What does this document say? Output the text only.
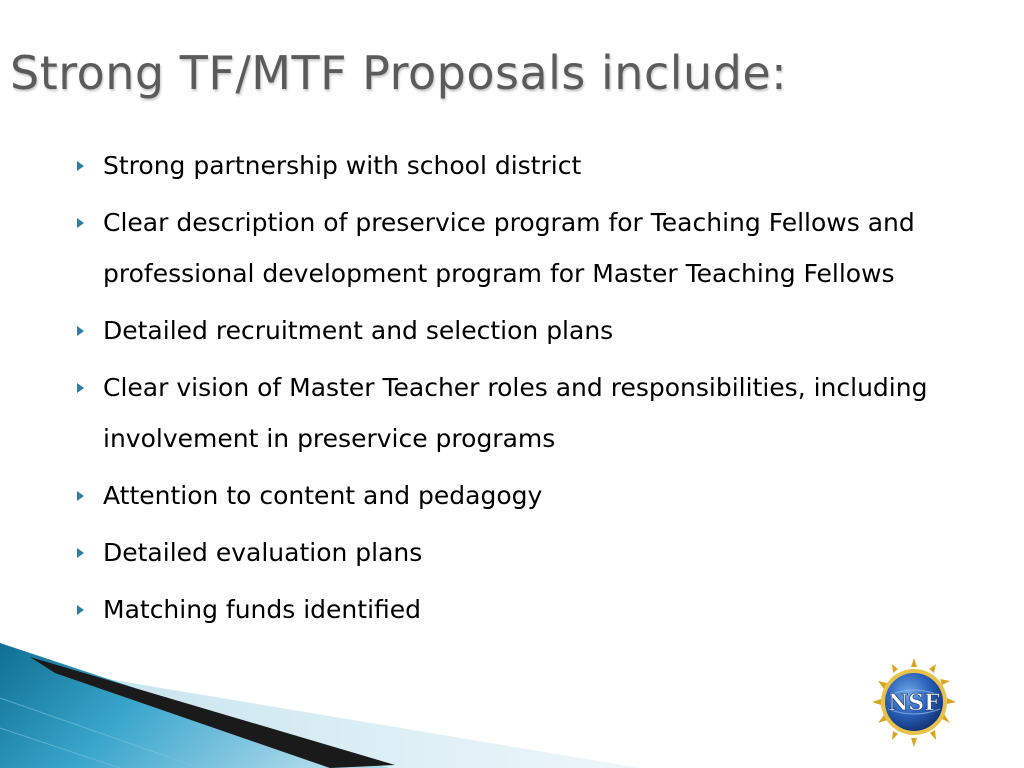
Strong TF/MTF Proposals include:
Strong partnership with school district
Clear description of preservice program for Teaching Fellows and professional development program for Master Teaching Fellows
Detailed recruitment and selection plans
Clear vision of Master Teacher roles and responsibilities, including involvement in preservice programs
Attention to content and pedagogy
Detailed evaluation plans
Matching funds identified
NSF
